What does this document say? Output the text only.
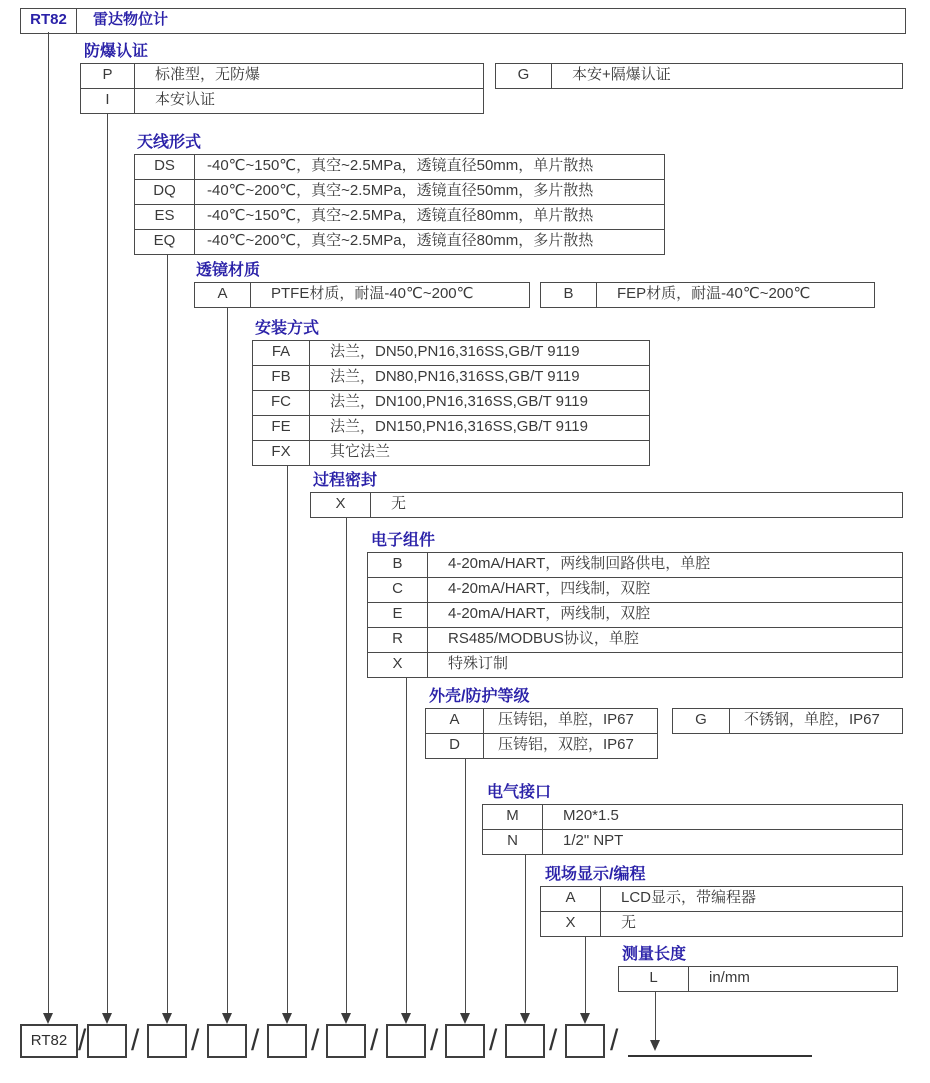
RT82	雷达物位计
防爆认证
P	标准型，无防爆
I	本安认证
G	本安+隔爆认证
天线形式
DS	-40℃~150℃，真空~2.5MPa，透镜直径50mm，单片散热
DQ	-40℃~200℃，真空~2.5MPa，透镜直径50mm，多片散热
ES	-40℃~150℃，真空~2.5MPa，透镜直径80mm，单片散热
EQ	-40℃~200℃，真空~2.5MPa，透镜直径80mm，多片散热
透镜材质
A	PTFE材质，耐温-40℃~200℃	B	FEP材质，耐温-40℃~200℃
安装方式
FA	法兰，DN50,PN16,316SS,GB/T 9119
FB	法兰，DN80,PN16,316SS,GB/T 9119
FC	法兰，DN100,PN16,316SS,GB/T 9119
FE	法兰，DN150,PN16,316SS,GB/T 9119
FX	其它法兰
过程密封
X	无
电子组件
B	4-20mA/HART，两线制回路供电，单腔
C	4-20mA/HART，四线制，双腔
E	4-20mA/HART，两线制，双腔
R	RS485/MODBUS协议，单腔
X	特殊订制
外壳/防护等级
A	压铸铝，单腔，IP67
D	压铸铝，双腔，IP67
G	不锈钢，单腔，IP67
电气接口
M	M20*1.5
N	1/2" NPT
现场显示/编程
A	LCD显示，带编程器
X	无
测量长度
L	in/mm
RT82 / / / / / / / / / /
